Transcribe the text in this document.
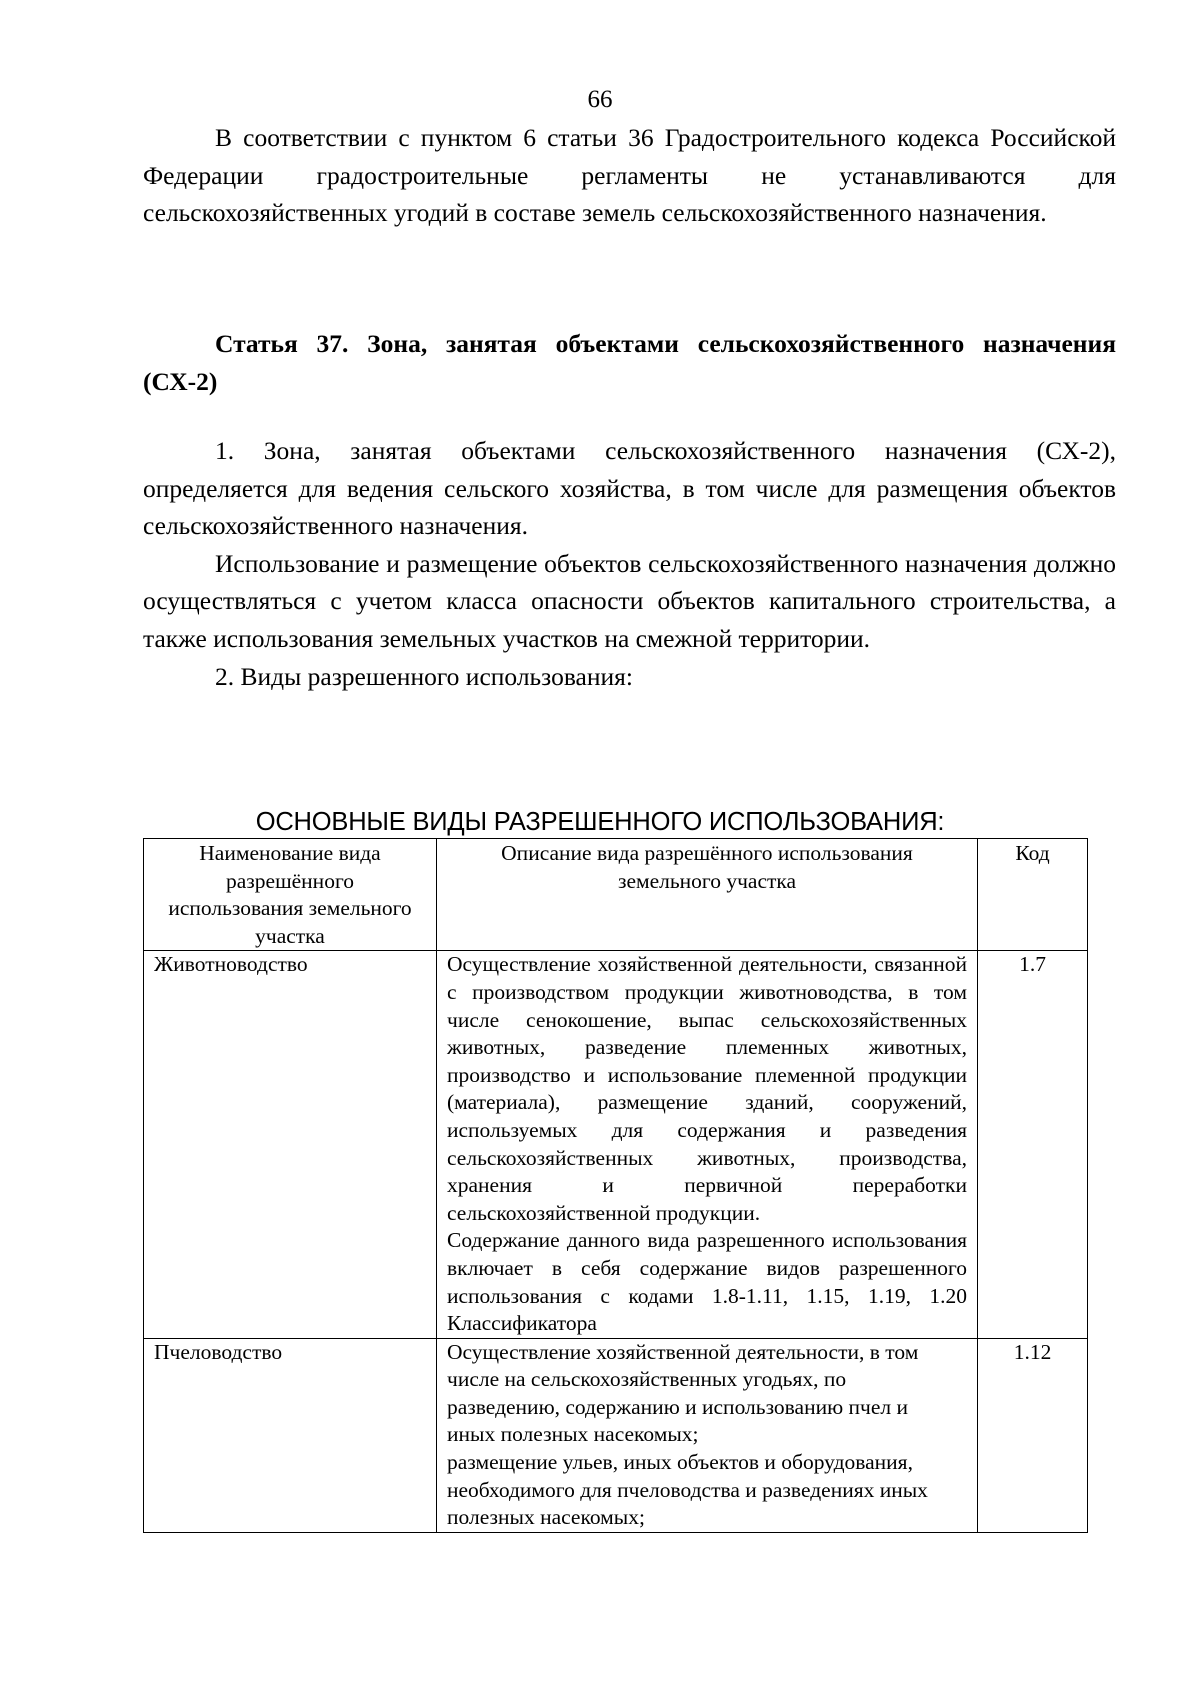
66

В соответствии с пунктом 6 статьи 36 Градостроительного кодекса Российской Федерации градостроительные регламенты не устанавливаются для сельскохозяйственных угодий в составе земель сельскохозяйственного назначения.

Статья 37. Зона, занятая объектами сельскохозяйственного назначения (СХ-2)

1. Зона, занятая объектами сельскохозяйственного назначения (СХ-2), определяется для ведения сельского хозяйства, в том числе для размещения объектов сельскохозяйственного назначения.

Использование и размещение объектов сельскохозяйственного назначения должно осуществляться с учетом класса опасности объектов капитального строительства, а также использования земельных участков на смежной территории.

2. Виды разрешенного использования:

ОСНОВНЫЕ ВИДЫ РАЗРЕШЕННОГО ИСПОЛЬЗОВАНИЯ:
Наименование вида разрешённого использования земельного участка	Описание вида разрешённого использования земельного участка	Код
Животноводство	Осуществление хозяйственной деятельности, связанной с производством продукции животноводства, в том числе сенокошение, выпас сельскохозяйственных животных, разведение племенных животных, производство и использование племенной продукции (материала), размещение зданий, сооружений, используемых для содержания и разведения сельскохозяйственных животных, производства, хранения и первичной переработки сельскохозяйственной продукции.
Содержание данного вида разрешенного использования включает в себя содержание видов разрешенного использования с кодами 1.8-1.11, 1.15, 1.19, 1.20 Классификатора	1.7
Пчеловодство	Осуществление хозяйственной деятельности, в том числе на сельскохозяйственных угодьях, по разведению, содержанию и использованию пчел и иных полезных насекомых;
размещение ульев, иных объектов и оборудования, необходимого для пчеловодства и разведениях иных полезных насекомых;	1.12
